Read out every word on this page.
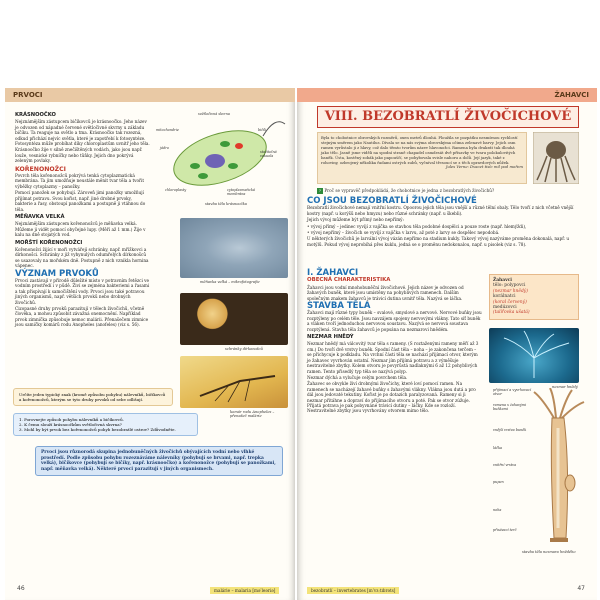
PRVOCI
KRÁSNOOČKO

Nejznámějším zástupcem bičíkovců je krásnoočko. Jeho název je odvozen od nápadné červené světločivné skvrny u základu bičíku. Ta reaguje na světlo a tma. Krásnoočko tak rozezná, odkud přichází nejvíc světla, které je zapotřebí k fotosyntéze. Fotosyntéza může probíhat díky chloroplastům uvnitř jeho těla.

Krásnoočko žije v silně znečištěných vodách, jako jsou např. louže, vesnické rybníčky nebo tůňky. Jejich dno pokrývá zeleným povlaky.

KOŘENONOŽCI

Povrch těla kořenonožců pokrývá tenká cytoplazmatická membrána. Ta jim umožňuje neustále měnit tvar těla a tvořit výběžky cytoplazmy – panožky.

Pomocí panožek se pohybují. Zároveň jimi panožky umožňují přijímat potravu. Svou kořist, např. jiné drobné prvoky, bakterie a řasy, obstoupí panožkami a postupně ji vtáhnou do těla.

MĚŇAVKA VELKÁ

Nejznámějším zástupcem kořenonožců je měňavka velká. Můžeme ji vidět pomocí obyčejné lupy. (Měří až 1 mm.) Žije v kalu na dně stojatých vod.

MOŘŠTÍ KOŘENONOŽCI

Kořenonožci žijící v moři vytvářejí schránky, např. mřížkovci a dírkonošci. Schránky z již vyhynulých odumřelých dírkonošců se usazovaly na mořském dně. Postupně z nich vznikla hornina vápenec.

VÝZNAM PRVOKŮ

Prvoci zastávají v přírodě důležité místo v potravním řetězci ve vodním prostředí i v půdě. Živí se zejména bakteriemi a řasami a tak přispívají k samočištění vody. Prvoci jsou také potravou jiných organismů, např. větších prvoků nebo drobných živočichů.

Cizopasné druhy prvoků parazitují v tělech živočichů, včetně člověka, a mohou způsobit závažná onemocnění. Například prvok zimnička způsobuje nemoc malárii. Přenašečem zimnice jsou samičky komárů rodu Anopheles (anofeles) (viz s. 56).

světločivná skvrna
mitochondrie	bičík
jádro
stažitelná vakuola
chloroplasty	cytoplazmatická membrána
stavba těla krásnoočka
měňavka velká – mikrofotografie
schránky dírkonošců
komár rodu Anopheles – přenašeč malárie
Určíte jeden typický znak (kromě způsobu pohybu) nálevníků, bičíkovců a kořenonožců, kterým se tyto druhy prvoků od sebe odlišují.
1. Porovnejte způsob pohybu nálevníků a bičíkovců.
2. K čemu slouží krásnoočkům světločivná skvrna?
3. Mohl by být prvok bez kořenonožců pohyb bezobratlé ostrov? Zdůvodněte.
Prvoci jsou různorodá skupina jednobuněčných živočichů obývajících vodní nebo vlhké prostředí. Podle způsobu pohybu rozeznáváme nálevníky (pohybují se brvami, např. trepka velká), bičíkovce (pohybují se bičíky, např. krásnoočko) a kořenonožce (pohybují se panožkami, např. měňavka velká). Některé prvoci parazitují v jiných organismech.
46	malárie – malaria [məˈleəriə]
ŽAHAVCI
VIII. BEZOBRATLÍ ŽIVOČICHOVÉ
Byla to chobotnice obrovských rozměrů, oxen metrů dlouhá. Ploužila se pozpátku nesmírnou rychlostí stejným směrem jako Nautilus. Dívala se na nás svýma obrovskýma očima zelenavé barvy. Jejich osm ramen vyrůstalo ji z hlavy, což dalo těmto tvorům název hlavonožci. Ramena byla dvakrát tak dlouhá jako tělo. Jasně jsme viděli na spodní straně chapadel osmdesát dvě přísavky ve tvaru polokulovitých baněk. Ústa, kostěný zobák jako papouščí, se pohybovala svisle nahoru a dolů. Její jazyk, také z rohoviny, ozbrojený několika řadami ostrých zubů, vyčníval třesoucí se z těch opravdových nůžek.
Jules Verne: Dvacet tisíc mil pod mořem
? Proč se vypravěč předpokládá, že chobotnice je jedna z bezobratlých živočichů?
CO JSOU BEZOBRATLÍ ŽIVOČICHOVÉ

Bezobratlí živočichové nemají vnitřní kostru. Opoorou jejich těla jsou vnější a různé tělní obaly. Tělo tvoří z nich včetně vnější kostry (např. u korýšů nebo hmyzu) nebo různé schránky (např. u škebli).

Jejich vývoj můžeme být přímý nebo nepřímý:

• vývoj přímý – jedinec vyvíjí z vajíčka se stavbou těla podobné dospělci a pouze roste (např. hlemýždi),

• vývoj nepřímý – živočich se vyvíjí z vajíčka v larvu, až poté z larvy se dospělec nepodobá.

U některých živočichů je larvální vývoj vázán nepřímo na stadium kukly. Takový vývoj nazýváme proměna dokonalá, např. u motýlů. Pokud vývoj neprobíhá přes kuklu, jedná se o proměnu nedokonalou, např. u pisolek (viz s. 78).

I. ŽAHAVCI
OBECNÁ CHARAKTERISTIKA

Žahavci jsou vodní mnohobuněční živočichové. Jejich název je odvozen od žahavých buněk, které jsou umístěny na pohyblivých ramenech. Dalším společným znakem žahavců je trávicí dutina uvnitř těla. Nazývá se láčka.

STAVBA TĚLA

Žahavci mají různé typy buněk – svalové, smyslové a nervové. Nervové buňky jsou rozptýleny po celém těle. Jsou navzájem spojeny nervovými vlákny. Tato síť buněk a vláken tvoří jednoduchou nervovou soustavu. Nazývá se nervová soustava rozptýlená. Stavba těla žahavců je popsána na nezmarovi hnědém.

NEZMAR HNĚDÝ

Nezmar hnědý má válcovitý tvar těla s rameny. (S roztaženými rameny měří až 3 cm.) Do tvoří dvě vrstvy buněk. Spodní část těla – noha – je zakončena terčem – se přichycuje k podkladu. Na vrchní části těla se nachází přijímací otvor, kterým je žahavec vyvrhován ostatní. Nezmar jím přijímá potravu a z výměšuje nestravitelné zbytky. Kolem otvoru je povyrůstá nadlaknými 6 až 12 pohyblivých ramen. Tento přisedlý typ těla se nazývá polyp.

Nezmar dýchá a vylučuje celým povrchem těla.

Žahavec se obvykle živí drobnými živočichy, které loví pomocí ramen. Na ramenech se nacházejí žahavé buňky s žahavými vlákny. Vlákna jsou dutá a pro dál jsou jedovaté tekutiny. Kořist je po dotazích paralyzovaná. Rameny si ji nezmar přitáhne a dopraví do přijímacího otvoru a poté. Pak se otvor zúžuje. Přijatá potrava je pak pobyvnáné trávicí dutiny – láčky. Kde se rozloží. Nestravitelné zbytky jsou vyvrhovány otvorem mimo tělo.

Žahavci
tělo: polypovci
(nezmar hnědý)
korálnatci
(koral červený)
medúzovci
(talířovka ušatá)
nezmar hnědý
přijímací a vyvrhovací otvor
ramena s žahavými buňkami
vnější vrstva buněk
láčka
vnitřní vrstva
pupen
noha
přisávací terč
stavba těla nezmara hnědého
bezobratlí – invertebrates [ɪnˈvɜːtɪbrəts]	47
